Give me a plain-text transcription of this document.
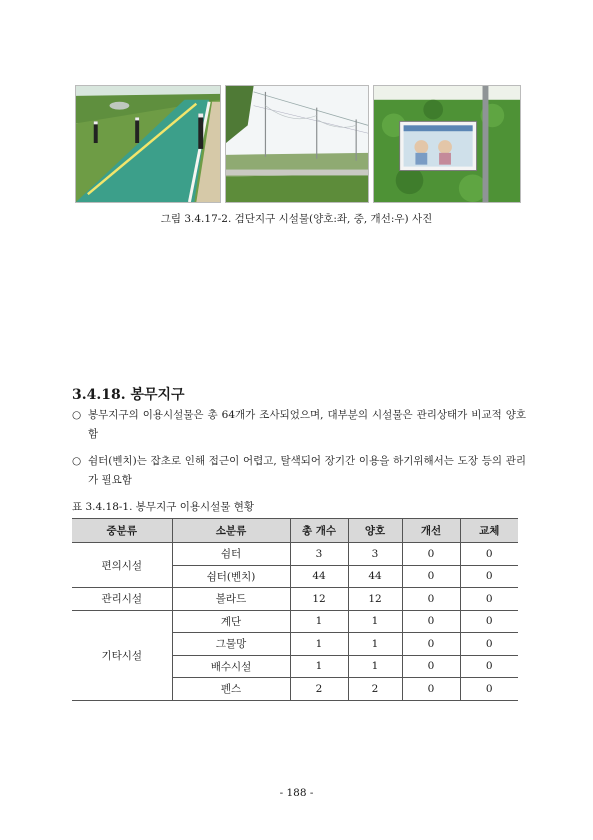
그림 3.4.17-2. 검단지구 시설물(양호:좌, 중, 개선:우) 사진
3.4.18. 봉무지구
○ 봉무지구의 이용시설물은 총 64개가 조사되었으며, 대부분의 시설물은 관리상태가 비교적 양호함
○ 쉼터(벤치)는 잡초로 인해 접근이 어렵고, 탈색되어 장기간 이용을 하기위해서는 도장 등의 관리가 필요함
표 3.4.18-1. 봉무지구 이용시설물 현황
중분류	소분류	총 개수	양호	개선	교체
편의시설	쉼터	3	3	0	0
	쉼터(벤치)	44	44	0	0
관리시설	볼라드	12	12	0	0
기타시설	계단	1	1	0	0
	그물망	1	1	0	0
	배수시설	1	1	0	0
	펜스	2	2	0	0
- 188 -
